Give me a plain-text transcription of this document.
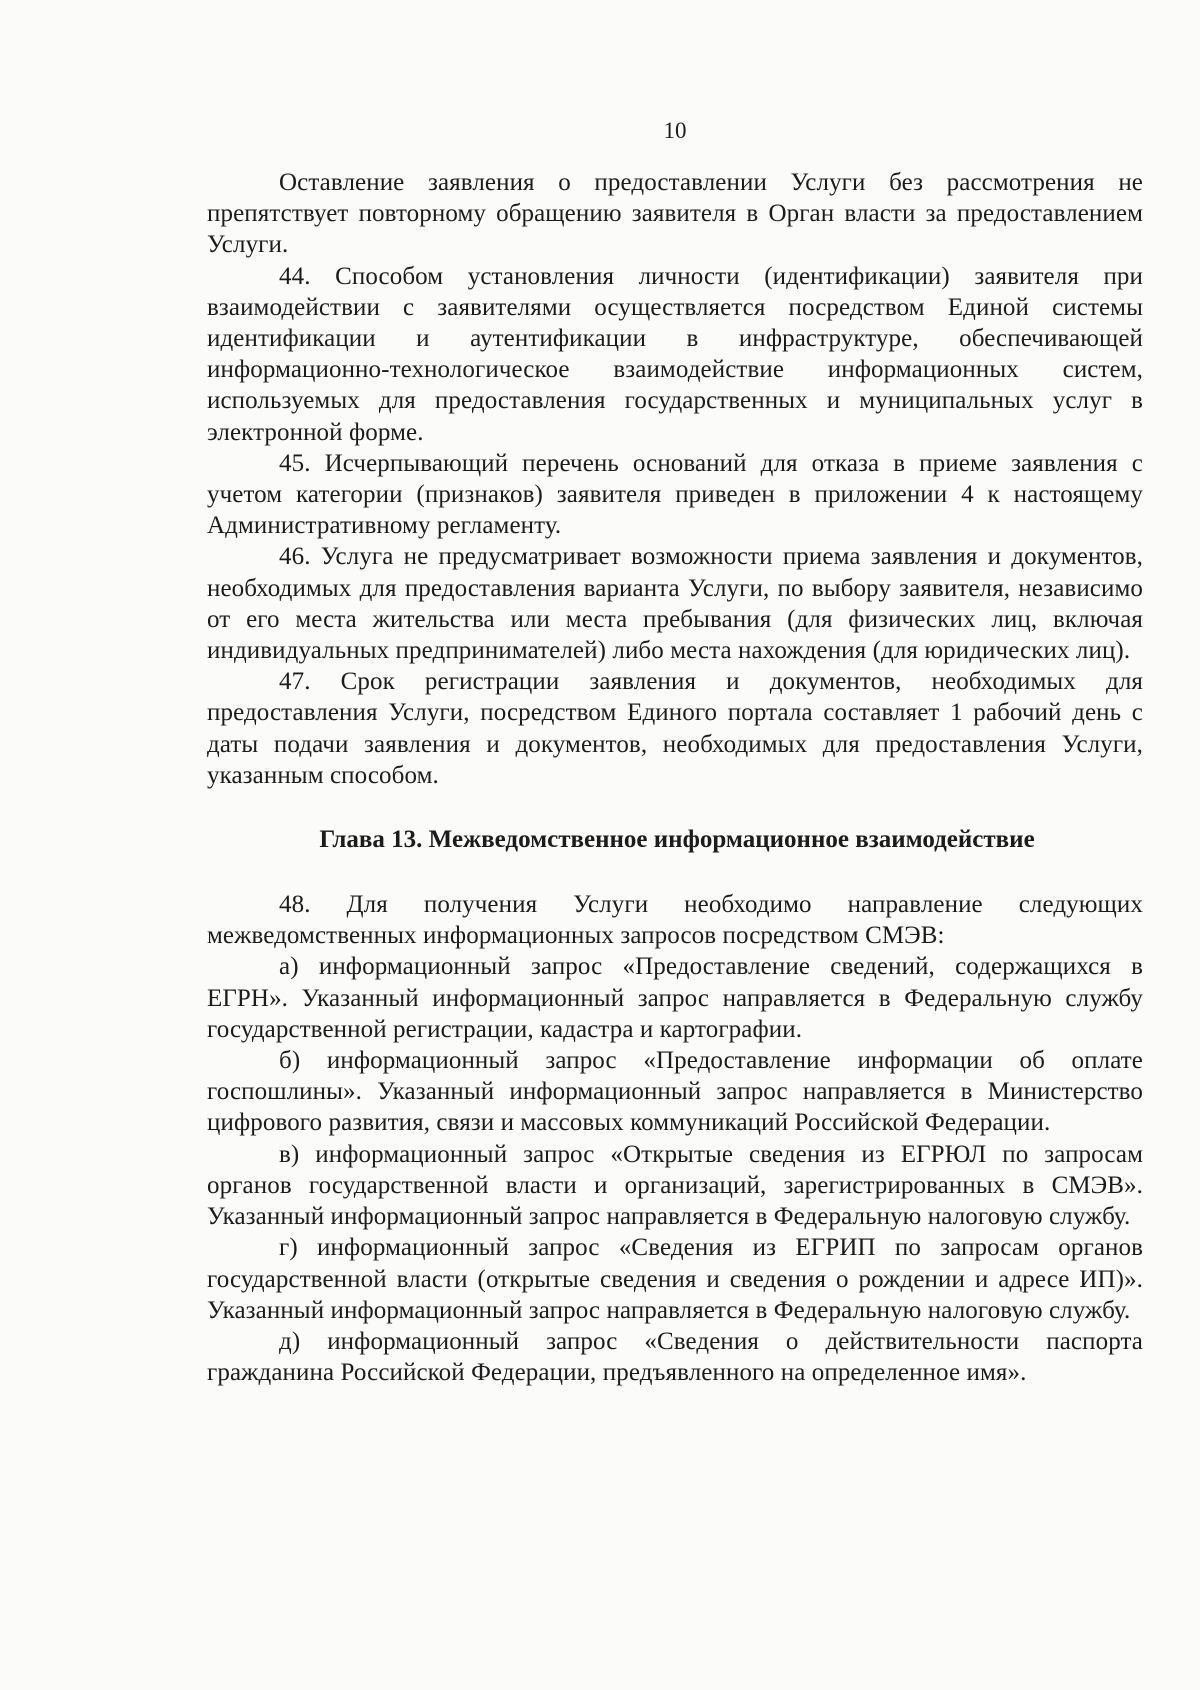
10

Оставление заявления о предоставлении Услуги без рассмотрения не препятствует повторному обращению заявителя в Орган власти за предоставлением Услуги.

44. Способом установления личности (идентификации) заявителя при взаимодействии с заявителями осуществляется посредством Единой системы идентификации и аутентификации в инфраструктуре, обеспечивающей информационно-технологическое взаимодействие информационных систем, используемых для предоставления государственных и муниципальных услуг в электронной форме.

45. Исчерпывающий перечень оснований для отказа в приеме заявления с учетом категории (признаков) заявителя приведен в приложении 4 к настоящему Административному регламенту.

46. Услуга не предусматривает возможности приема заявления и документов, необходимых для предоставления варианта Услуги, по выбору заявителя, независимо от его места жительства или места пребывания (для физических лиц, включая индивидуальных предпринимателей) либо места нахождения (для юридических лиц).

47. Срок регистрации заявления и документов, необходимых для предоставления Услуги, посредством Единого портала составляет 1 рабочий день с даты подачи заявления и документов, необходимых для предоставления Услуги, указанным способом.

Глава 13. Межведомственное информационное взаимодействие

48. Для получения Услуги необходимо направление следующих межведомственных информационных запросов посредством СМЭВ:

а) информационный запрос «Предоставление сведений, содержащихся в ЕГРН». Указанный информационный запрос направляется в Федеральную службу государственной регистрации, кадастра и картографии.

б) информационный запрос «Предоставление информации об оплате госпошлины». Указанный информационный запрос направляется в Министерство цифрового развития, связи и массовых коммуникаций Российской Федерации.

в) информационный запрос «Открытые сведения из ЕГРЮЛ по запросам органов государственной власти и организаций, зарегистрированных в СМЭВ». Указанный информационный запрос направляется в Федеральную налоговую службу.

г) информационный запрос «Сведения из ЕГРИП по запросам органов государственной власти (открытые сведения и сведения о рождении и адресе ИП)». Указанный информационный запрос направляется в Федеральную налоговую службу.

д) информационный запрос «Сведения о действительности паспорта гражданина Российской Федерации, предъявленного на определенное имя».
